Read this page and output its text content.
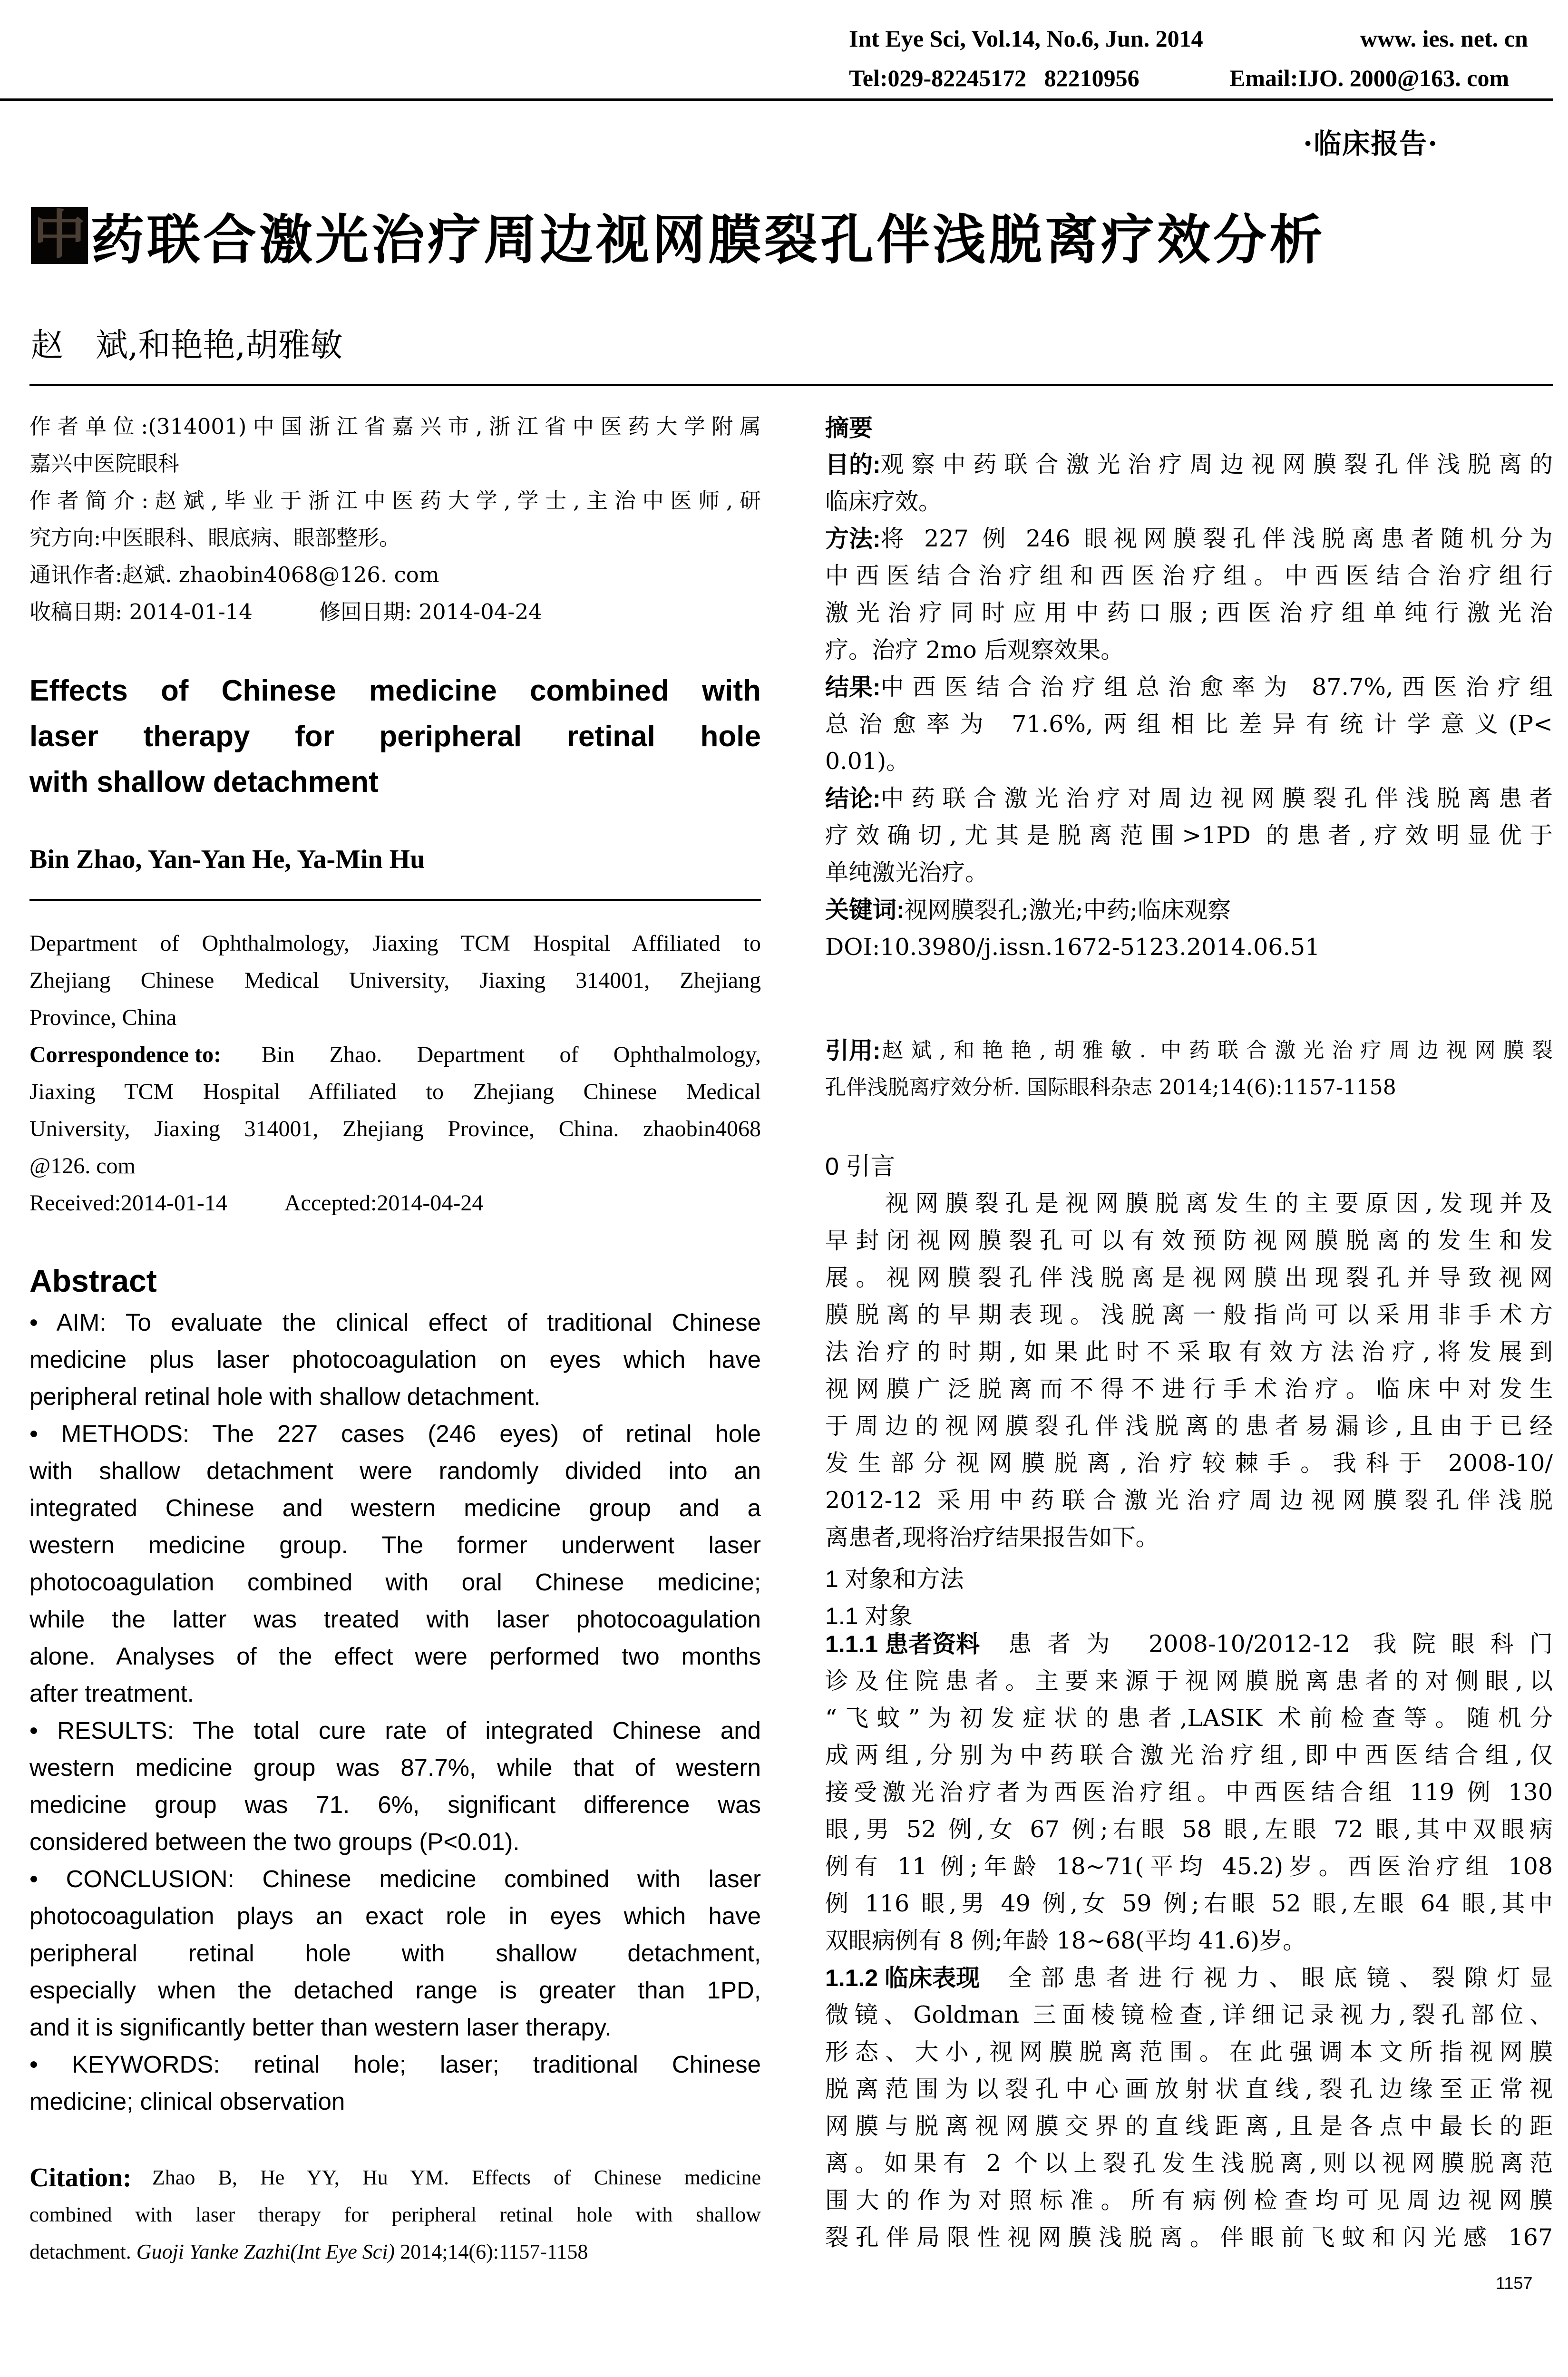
Int Eye Sci, Vol.14, No.6, Jun. 2014	www. ies. net. cn
Tel:029-82245172   82210956	Email:IJO. 2000@163. com
·临床报告·
中 药联合激光治疗周边视网膜裂孔伴浅脱离疗效分析
赵　斌,和艳艳,胡雅敏
作者单位:(314001)中国浙江省嘉兴市,浙江省中医药大学附属
嘉兴中医院眼科
作者简介:赵斌,毕业于浙江中医药大学,学士,主治中医师,研
究方向:中医眼科、眼底病、眼部整形。
通讯作者:赵斌. zhaobin4068@126. com
收稿日期: 2014-01-14	修回日期: 2014-04-24
Effects of Chinese medicine combined with
laser therapy for peripheral retinal hole
with shallow detachment
Bin Zhao, Yan-Yan He, Ya-Min Hu
Department of Ophthalmology, Jiaxing TCM Hospital Affiliated to
Zhejiang Chinese Medical University, Jiaxing 314001, Zhejiang
Province, China
Correspondence to: Bin Zhao. Department of Ophthalmology,
Jiaxing TCM Hospital Affiliated to Zhejiang Chinese Medical
University, Jiaxing 314001, Zhejiang Province, China. zhaobin4068
@126. com
Received:2014-01-14	Accepted:2014-04-24
Abstract
• AIM: To evaluate the clinical effect of traditional Chinese
medicine plus laser photocoagulation on eyes which have
peripheral retinal hole with shallow detachment.
• METHODS: The 227 cases (246 eyes) of retinal hole
with shallow detachment were randomly divided into an
integrated Chinese and western medicine group and a
western medicine group. The former underwent laser
photocoagulation combined with oral Chinese medicine;
while the latter was treated with laser photocoagulation
alone. Analyses of the effect were performed two months
after treatment.
• RESULTS: The total cure rate of integrated Chinese and
western medicine group was 87.7%, while that of western
medicine group was 71. 6%, significant difference was
considered between the two groups (P<0.01).
• CONCLUSION: Chinese medicine combined with laser
photocoagulation plays an exact role in eyes which have
peripheral retinal hole with shallow detachment,
especially when the detached range is greater than 1PD,
and it is significantly better than western laser therapy.
• KEYWORDS: retinal hole; laser; traditional Chinese
medicine; clinical observation
Citation: Zhao B, He YY, Hu YM. Effects of Chinese medicine
combined with laser therapy for peripheral retinal hole with shallow
detachment. Guoji Yanke Zazhi(Int Eye Sci) 2014;14(6):1157-1158
摘要
目的: 观察中药联合激光治疗周边视网膜裂孔伴浅脱离的
临床疗效。
方法: 将 227 例 246 眼视网膜裂孔伴浅脱离患者随机分为
中西医结合治疗组和西医治疗组。中西医结合治疗组行
激光治疗同时应用中药口服;西医治疗组单纯行激光治
疗。治疗 2mo 后观察效果。
结果: 中西医结合治疗组总治愈率为 87.7%,西医治疗组
总治愈率为 71.6%,两组相比差异有统计学意义(P<
0.01)。
结论: 中药联合激光治疗对周边视网膜裂孔伴浅脱离患者
疗效确切,尤其是脱离范围>1PD 的患者,疗效明显优于
单纯激光治疗。
关键词:视网膜裂孔;激光;中药;临床观察
DOI:10.3980/j.issn.1672-5123.2014.06.51
引用: 赵斌,和艳艳,胡雅敏. 中药联合激光治疗周边视网膜裂
孔伴浅脱离疗效分析. 国际眼科杂志 2014;14(6):1157-1158
0 引言
　　视网膜裂孔是视网膜脱离发生的主要原因,发现并及
早封闭视网膜裂孔可以有效预防视网膜脱离的发生和发
展。视网膜裂孔伴浅脱离是视网膜出现裂孔并导致视网
膜脱离的早期表现。浅脱离一般指尚可以采用非手术方
法治疗的时期,如果此时不采取有效方法治疗,将发展到
视网膜广泛脱离而不得不进行手术治疗。临床中对发生
于周边的视网膜裂孔伴浅脱离的患者易漏诊,且由于已经
发生部分视网膜脱离,治疗较棘手。我科于 2008-10/
2012-12 采用中药联合激光治疗周边视网膜裂孔伴浅脱
离患者,现将治疗结果报告如下。
1 对象和方法
1.1 对象
1.1.1 患者资料 患者为 2008-10/2012-12 我院眼科门
诊及住院患者。主要来源于视网膜脱离患者的对侧眼,以
“飞蚊”为初发症状的患者,LASIK 术前检查等。随机分
成两组,分别为中药联合激光治疗组,即中西医结合组,仅
接受激光治疗者为西医治疗组。中西医结合组 119 例 130
眼,男 52 例,女 67 例;右眼 58 眼,左眼 72 眼,其中双眼病
例有 11 例;年龄 18~71(平均 45.2)岁。西医治疗组 108
例 116 眼,男 49 例,女 59 例;右眼 52 眼,左眼 64 眼,其中
双眼病例有 8 例;年龄 18~68(平均 41.6)岁。
1.1.2 临床表现 全部患者进行视力、眼底镜、裂隙灯显
微镜、Goldman 三面棱镜检查,详细记录视力,裂孔部位、
形态、大小,视网膜脱离范围。在此强调本文所指视网膜
脱离范围为以裂孔中心画放射状直线,裂孔边缘至正常视
网膜与脱离视网膜交界的直线距离,且是各点中最长的距
离。如果有 2 个以上裂孔发生浅脱离,则以视网膜脱离范
围大的作为对照标准。所有病例检查均可见周边视网膜
裂孔伴局限性视网膜浅脱离。伴眼前飞蚊和闪光感 167
1157
